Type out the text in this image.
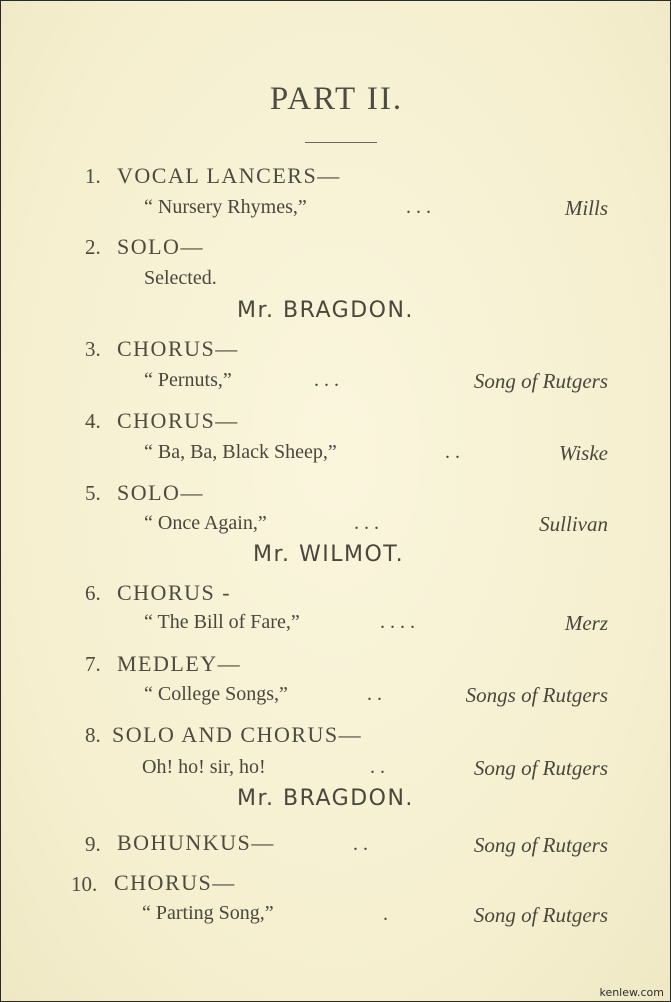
PART II.
1. VOCAL LANCERS—
“ Nursery Rhymes,”	. . .	Mills
2. SOLO—
Selected.
Mr. BRAGDON.
3. CHORUS—
“ Pernuts,”	. . .	Song of Rutgers
4. CHORUS—
“ Ba, Ba, Black Sheep,”	. .	Wiske
5. SOLO—
“ Once Again,”	. . .	Sullivan
Mr. WILMOT.
6. CHORUS -
“ The Bill of Fare,”	. . . .	Merz
7. MEDLEY—
“ College Songs,”	. .	Songs of Rutgers
8. SOLO AND CHORUS—
Oh! ho! sir, ho!	. .	Song of Rutgers
Mr. BRAGDON.
9. BOHUNKUS—	. .	Song of Rutgers
10. CHORUS—
“ Parting Song,”	.	Song of Rutgers
kenlew.com
